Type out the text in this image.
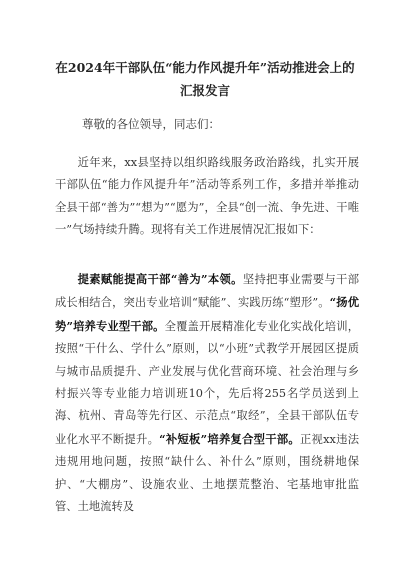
在2024年干部队伍“能力作风提升年”活动推进会上的汇报发言
尊敬的各位领导，同志们：
近年来，xx县坚持以组织路线服务政治路线，扎实开展干部队伍“能力作风提升年”活动等系列工作，多措并举推动全县干部“善为”“想为”“愿为”，全县“创一流、争先进、干唯一”气场持续升腾。现将有关工作进展情况汇报如下：
提素赋能提高干部“善为”本领。坚持把事业需要与干部成长相结合，突出专业培训“赋能”、实践历练“塑形”。“扬优势”培养专业型干部。全覆盖开展精准化专业化实战化培训，按照“干什么、学什么”原则，以“小班”式教学开展园区提质与城市品质提升、产业发展与优化营商环境、社会治理与乡村振兴等专业能力培训班10个，先后将255名学员送到上海、杭州、青岛等先行区、示范点“取经”，全县干部队伍专业化水平不断提升。“补短板”培养复合型干部。正视xx违法违规用地问题，按照“缺什么、补什么”原则，围绕耕地保护、“大棚房”、设施农业、土地摆荒整治、宅基地审批监管、土地流转及
